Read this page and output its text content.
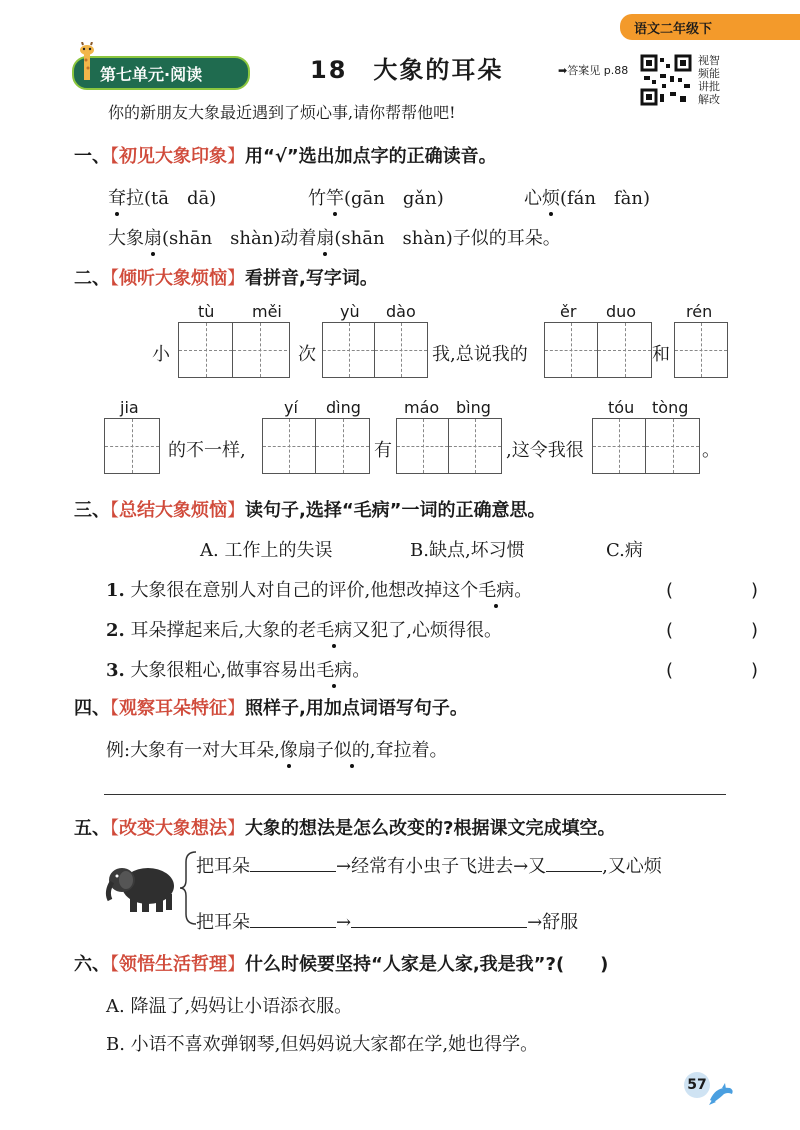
语文二年级下
第七单元·阅读	18　 大象的耳朵	➡答案见 p.88
视智频能讲批解改
你的新朋友大象最近遇到了烦心事,请你帮帮他吧!
一、【初见大象印象】用“√”选出加点字的正确读音。
耷拉(tā　dā)	竹竿(gān　gǎn)	心烦(fán　fàn)
大象扇(shān　shàn)动着扇(shān　shàn)子似的耳朵。
二、【倾听大象烦恼】看拼音,写字词。
tù měi	yù dào	ěr duo	rén
小	次	我,总说我的	和
jia	yí dìng	máo bìng	tóu tòng
的不一样,	有	,这令我很	。
三、【总结大象烦恼】读句子,选择“毛病”一词的正确意思。
A. 工作上的失误	B.缺点,坏习惯	C.病
1. 大象很在意别人对自己的评价,他想改掉这个毛病。	(　)
2. 耳朵撑起来后,大象的老毛病又犯了,心烦得很。	(　)
3. 大象很粗心,做事容易出毛病。	(　)
四、【观察耳朵特征】照样子,用加点词语写句子。
例:大象有一对大耳朵,像扇子似的,耷拉着。
五、【改变大象想法】大象的想法是怎么改变的?根据课文完成填空。
把耳朵	→经常有小虫子飞进去→又	,又心烦
把耳朵	→	→舒服
六、【领悟生活哲理】什么时候要坚持“人家是人家,我是我”?(　　)
A. 降温了,妈妈让小语添衣服。
B. 小语不喜欢弹钢琴,但妈妈说大家都在学,她也得学。
57
